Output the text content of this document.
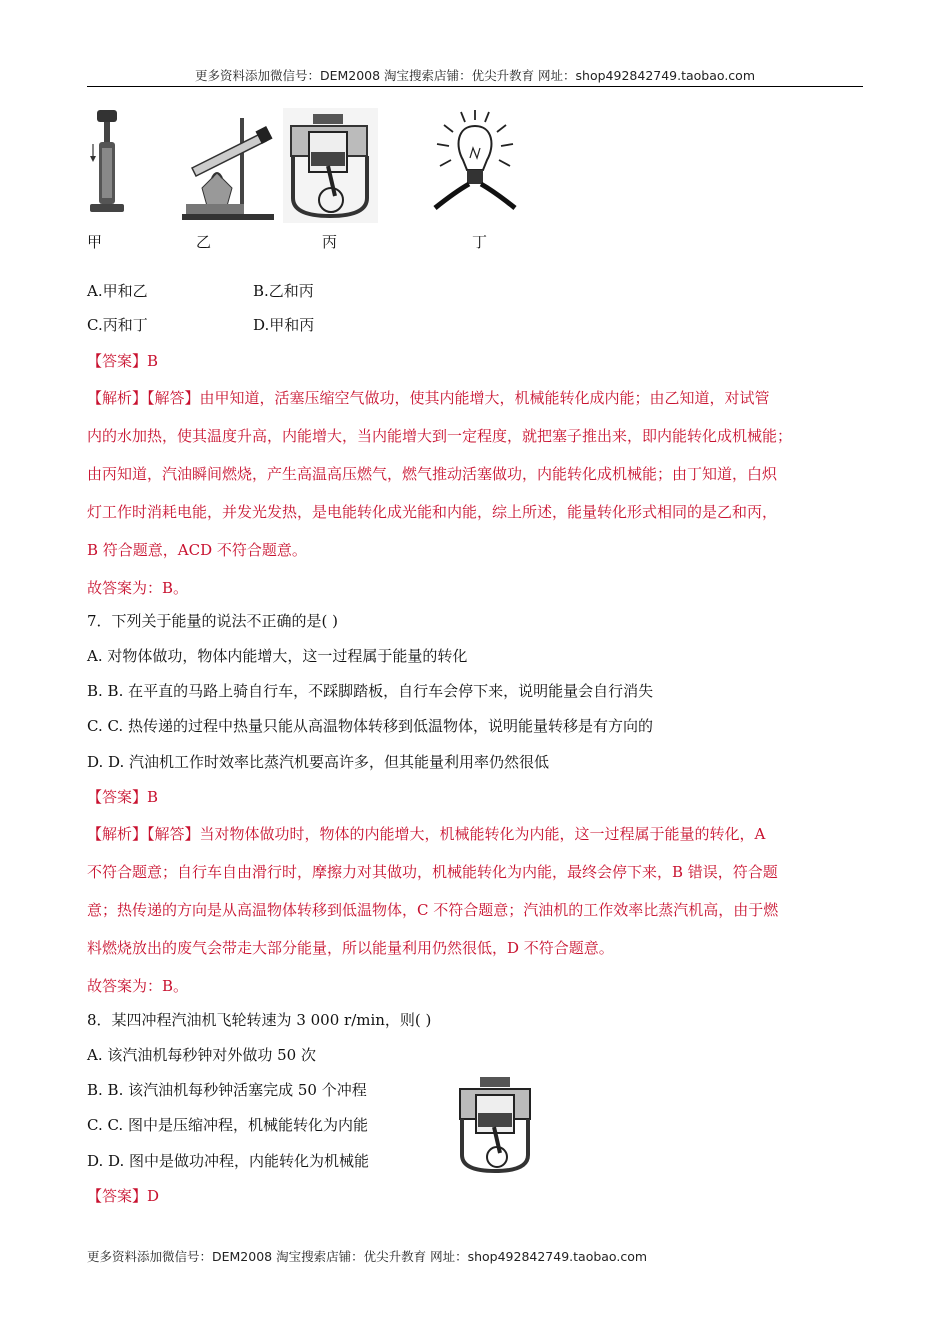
更多资料添加微信号：DEM2008 淘宝搜索店铺：优尖升教育 网址：shop492842749.taobao.com
甲	乙	丙	丁
A.甲和乙	B.乙和丙
C.丙和丁	D.甲和丙
【答案】B
【解析】【解答】由甲知道，活塞压缩空气做功，使其内能增大，机械能转化成内能；由乙知道，对试管
内的水加热，使其温度升高，内能增大，当内能增大到一定程度，就把塞子推出来，即内能转化成机械能；
由丙知道，汽油瞬间燃烧，产生高温高压燃气，燃气推动活塞做功，内能转化成机械能；由丁知道，白炽
灯工作时消耗电能，并发光发热，是电能转化成光能和内能，综上所述，能量转化形式相同的是乙和丙，
B 符合题意，ACD 不符合题意。
故答案为：B。
7．下列关于能量的说法不正确的是( )
A. 对物体做功，物体内能增大，这一过程属于能量的转化
B. B. 在平直的马路上骑自行车，不踩脚踏板，自行车会停下来，说明能量会自行消失
C. C. 热传递的过程中热量只能从高温物体转移到低温物体，说明能量转移是有方向的
D. D. 汽油机工作时效率比蒸汽机要高许多，但其能量利用率仍然很低
【答案】B
【解析】【解答】当对物体做功时，物体的内能增大，机械能转化为内能，这一过程属于能量的转化，A
不符合题意；自行车自由滑行时，摩擦力对其做功，机械能转化为内能，最终会停下来，B 错误，符合题
意；热传递的方向是从高温物体转移到低温物体，C 不符合题意；汽油机的工作效率比蒸汽机高，由于燃
料燃烧放出的废气会带走大部分能量，所以能量利用仍然很低，D 不符合题意。
故答案为：B。
8．某四冲程汽油机飞轮转速为 3 000 r/min，则( )
A. 该汽油机每秒钟对外做功 50 次
B. B. 该汽油机每秒钟活塞完成 50 个冲程
C. C. 图中是压缩冲程，机械能转化为内能
D. D. 图中是做功冲程，内能转化为机械能
【答案】D
更多资料添加微信号：DEM2008 淘宝搜索店铺：优尖升教育 网址：shop492842749.taobao.com
